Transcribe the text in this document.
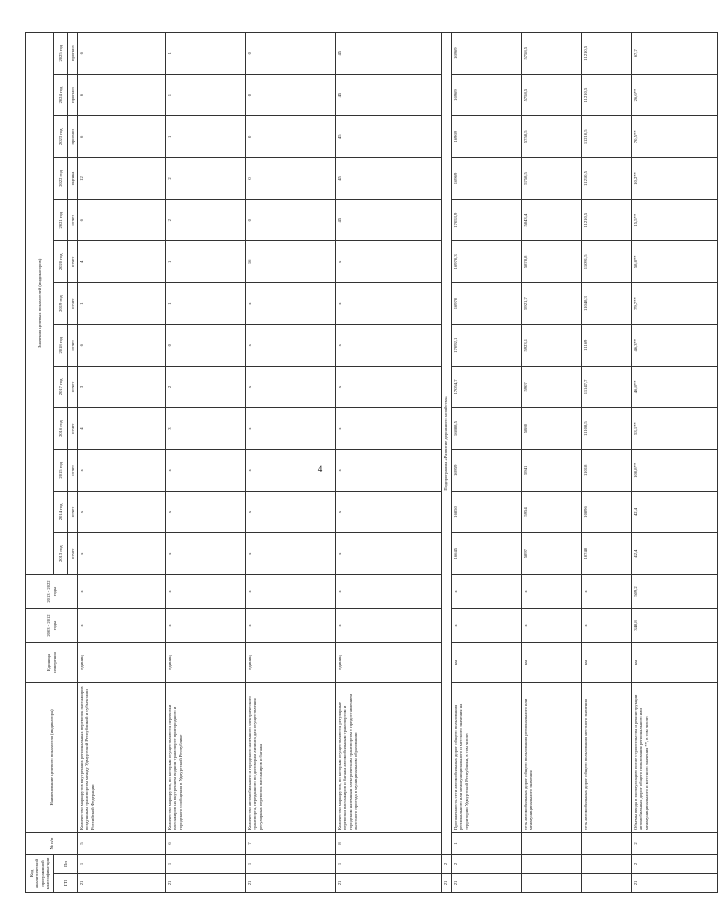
4
Код аналитической программной классифика-ции		№ п/п	Наименование целевого показателя (индикатора)	Единица измерения	2003 - 2012 годы	2013 - 2022 годы	Значения целевых показателей (индикаторов)												
ГП	Пп						2013 год	2014 год	2015 год	2016 год	2017 год	2018 год	2019 год	2020 год	2021 год	2022 год	2023 год	2024 год	2025 год
							отчет	отчет	отчет	отчет	отчет	отчет	отчет	отчет	отчет	оценка	прогноз	прогноз	прогноз
21	1	5	Количество маршрутов внутренних региональных перевозок пассажиров воздушным транспортом между Удмуртской Республикой и субъектами Российской Федерации	единиц	x	x	x	x	x	4	3	6	1	4	6	12	6	6	6
21	1	6	Количество маршрутов, по которым осуществляются перевозки пассажиров на внутреннем водном транспорте пригородного и городского сообщения в Удмуртской Республике	единиц	x	x	x	x	x	3	2	0	1	1	2	2	1	1	1
21	1	7	Количество автомобильного и городского наземного электрического транспорта, переданного по договорам лизинга для осуществления регулярных перевозок пассажиров и багажа	единиц	x	x	x	x	x	x	x	x	x	16	0	0	0	0	0
21	1	8	Количество маршрутов, по которым осуществляются регулярные перевозки пассажиров и багажа автомобильным транспортом и городским наземным электрическим транспортом с предоставлением льготного проезда в муниципальном образовании	единиц	x	x	x	x	x	x	x	x	x	x	45	45	45	45	45
21	2	Подпрограмма «Развитие дорожного хозяйства»																	
21	2	1	Протяженность сети автомобильных дорог общего пользования регионального или межмуниципального и местного значения на территории Удмуртской Республики, в том числе:	км	x	x	16645	16850	16959	16888,5	17054,7	17092,1	16970	16970,3	17053,9	16969	16969	16969	16969
			сеть автомобильных дорог общего пользования регионального или межмуниципального значения	км	x	x	5897	5954	5941	5880	5907	5923,1	5921,7	5878,8	5843,4	5758,5	5758,5	5758,5	5758,5
			сеть автомобильных дорог общего пользования местного значения	км	x	x	10748	10896	11018	11108,5	11147,7	11169	11048,3	11091,5	11210,5	11210,5	11210,5	11210,5	11210,5
21	2	2	Объемы ввода в эксплуатацию после строительства и реконструкции автомобильных дорог общего пользования регионального или межмуниципального и местного значения **, в том числе:	км	348,8	509,2	42,4	42,4	100,8**	53,1**	46,8**	46,3**	79,7**	58,8**	15,5**	10,2**	70,5**	26,6**	67,7
